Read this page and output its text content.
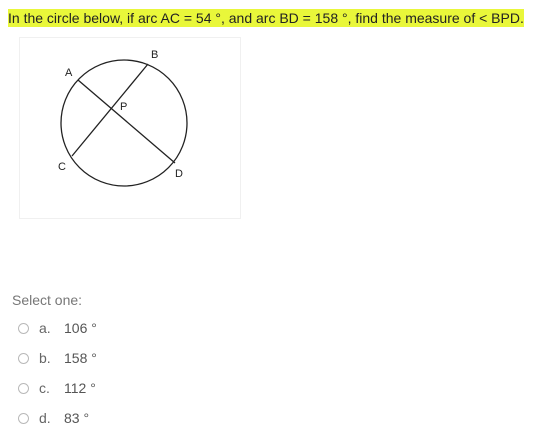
In the circle below, if arc AC = 54 °, and arc BD = 158 °, find the measure of < BPD.
A
B
C
D
P
Select one:
a. 106 °
b. 158 °
c.	112 °
d. 83 °
